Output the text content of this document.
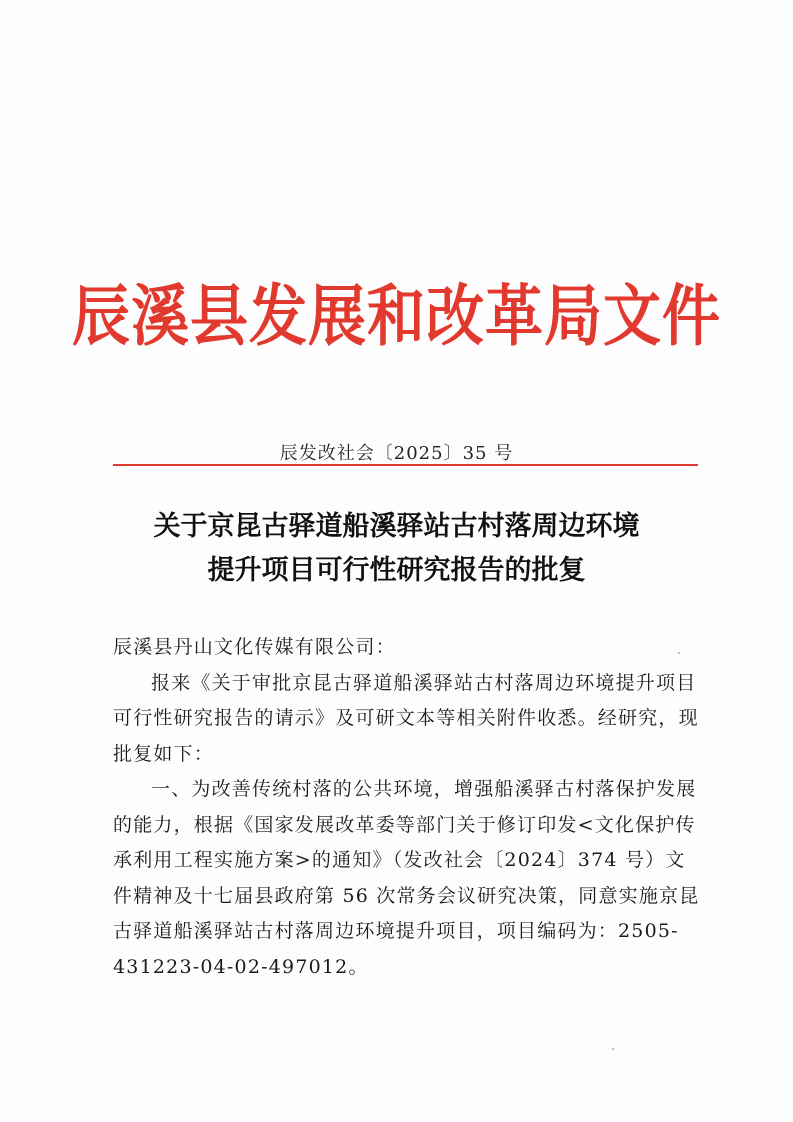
辰溪县发展和改革局文件
辰发改社会〔2025〕35 号
关于京昆古驿道船溪驿站古村落周边环境
提升项目可行性研究报告的批复

辰溪县丹山文化传媒有限公司：

报来《关于审批京昆古驿道船溪驿站古村落周边环境提升项目可行性研究报告的请示》及可研文本等相关附件收悉。经研究，现批复如下：

一、为改善传统村落的公共环境，增强船溪驿古村落保护发展的能力，根据《国家发展改革委等部门关于修订印发<文化保护传承利用工程实施方案>的通知》（发改社会〔2024〕374 号）文件精神及十七届县政府第 56 次常务会议研究决策，同意实施京昆古驿道船溪驿站古村落周边环境提升项目，项目编码为：2505-431223-04-02-497012。
